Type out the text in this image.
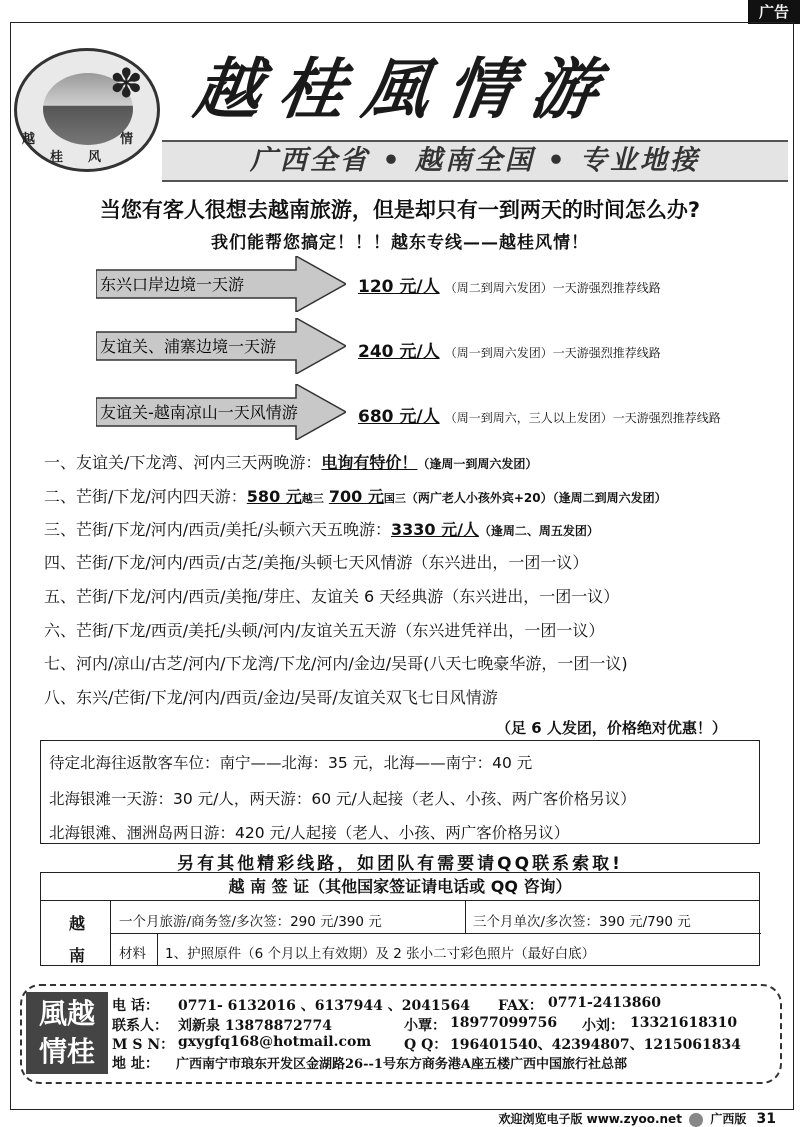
广告
✽
越
桂 风
情
越桂風情游
广西全省 • 越南全国 • 专业地接
当您有客人很想去越南旅游，但是却只有一到两天的时间怎么办?
我们能帮您搞定！！！越东专线——越桂风情！
东兴口岸边境一天游	120 元/人 （周二到周六发团）一天游强烈推荐线路
友谊关、浦寨边境一天游	240 元/人 （周一到周六发团）一天游强烈推荐线路
友谊关-越南凉山一天风情游	680 元/人 （周一到周六，三人以上发团）一天游强烈推荐线路
一、友谊关/下龙湾、河内三天两晚游：电询有特价！（逢周一到周六发团）
二、芒街/下龙/河内四天游：580 元越三 700 元国三（两广老人小孩外宾+20）（逢周二到周六发团）
三、芒街/下龙/河内/西贡/美托/头顿六天五晚游：3330 元/人（逢周二、周五发团）
四、芒街/下龙/河内/西贡/古芝/美拖/头顿七天风情游（东兴进出，一团一议）
五、芒街/下龙/河内/西贡/美拖/芽庄、友谊关 6 天经典游（东兴进出，一团一议）
六、芒街/下龙/西贡/美托/头顿/河内/友谊关五天游（东兴进凭祥出，一团一议）
七、河内/凉山/古芝/河内/下龙湾/下龙/河内/金边/吴哥(八天七晚豪华游，一团一议)
八、东兴/芒街/下龙/河内/西贡/金边/吴哥/友谊关双飞七日风情游
（足 6 人发团，价格绝对优惠！）
待定北海往返散客车位：南宁——北海：35 元，北海——南宁：40 元
北海银滩一天游：30 元/人，两天游：60 元/人起接（老人、小孩、两广客价格另议）
北海银滩、涠洲岛两日游：420 元/人起接（老人、小孩、两广客价格另议）
另有其他精彩线路，如团队有需要请QQ联系索取!
越 南 签 证（其他国家签证请电话或 QQ 咨询）
越
南
一个月旅游/商务签/多次签：290 元/390 元	三个月单次/多次签：390 元/790 元
材料 1、护照原件（6 个月以上有效期）及 2 张小二寸彩色照片（最好白底）
風越
情桂
电 话： 0771- 6132016 、6137944 、2041564 FAX： 0771-2413860
联系人： 刘新泉 13878872774	小覃： 18977099756 小刘： 13321618310
M S N： gxygfq168@hotmail.com Q Q： 196401540、42394807、1215061834
地 址： 广西南宁市琅东开发区金湖路26--1号东方商务港A座五楼广西中国旅行社总部
欢迎浏览电子版 www.zyoo.net 广西版 31
